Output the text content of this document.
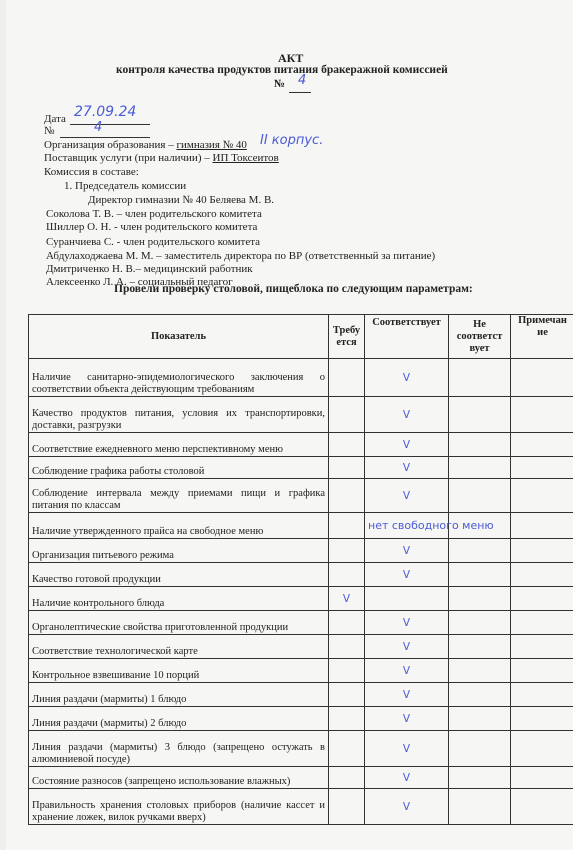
АКТ
контроля качества продуктов питания бракеражной комиссией
№ 4
Дата 27.09.24
№	4
Организация образования – гимназия № 40 II корпус.
Поставщик услуги (при наличии) – ИП Токсеитов
Комиссия в составе:
1. Председатель комиссии
Директор гимназии № 40 Беляева М. В.
Соколова Т. В. – член родительского комитета
Шиллер О. Н. - член родительского комитета
Суранчиева С. - член родительского комитета
Абдулаходжаева М. М. – заместитель директора по ВР (ответственный за питание)
Дмитриченко Н. В.– медицинский работник
Алексеенко Л. А. – социальный педагог
Провели проверку столовой, пищеблока по следующим параметрам:
Показатель	Требу ется	Соответствует	Не соответст вует	Примечан ие
Наличие санитарно-эпидемиологического заключения о соответствии объекта действующим требованиям		V		
Качество продуктов питания, условия их транспортировки, доставки, разгрузки		V		
Соответствие ежедневного меню перспективному меню		V		
Соблюдение графика работы столовой		V		
Соблюдение интервала между приемами пищи и графика питания по классам		V		
Наличие утвержденного прайса на свободное меню		нет свободного меню		
Организация питьевого режима		V		
Качество готовой продукции		V		
Наличие контрольного блюда	V			
Органолептические свойства приготовленной продукции		V		
Соответствие технологической карте		V		
Контрольное взвешивание 10 порций		V		
Линия раздачи (мармиты) 1 блюдо		V		
Линия раздачи (мармиты) 2 блюдо		V		
Линия раздачи (мармиты) 3 блюдо (запрещено остужать в алюминиевой посуде)		V		
Состояние разносов (запрещено использование влажных)		V		
Правильность хранения столовых приборов (наличие кассет и хранение ложек, вилок ручками вверх)		V		
